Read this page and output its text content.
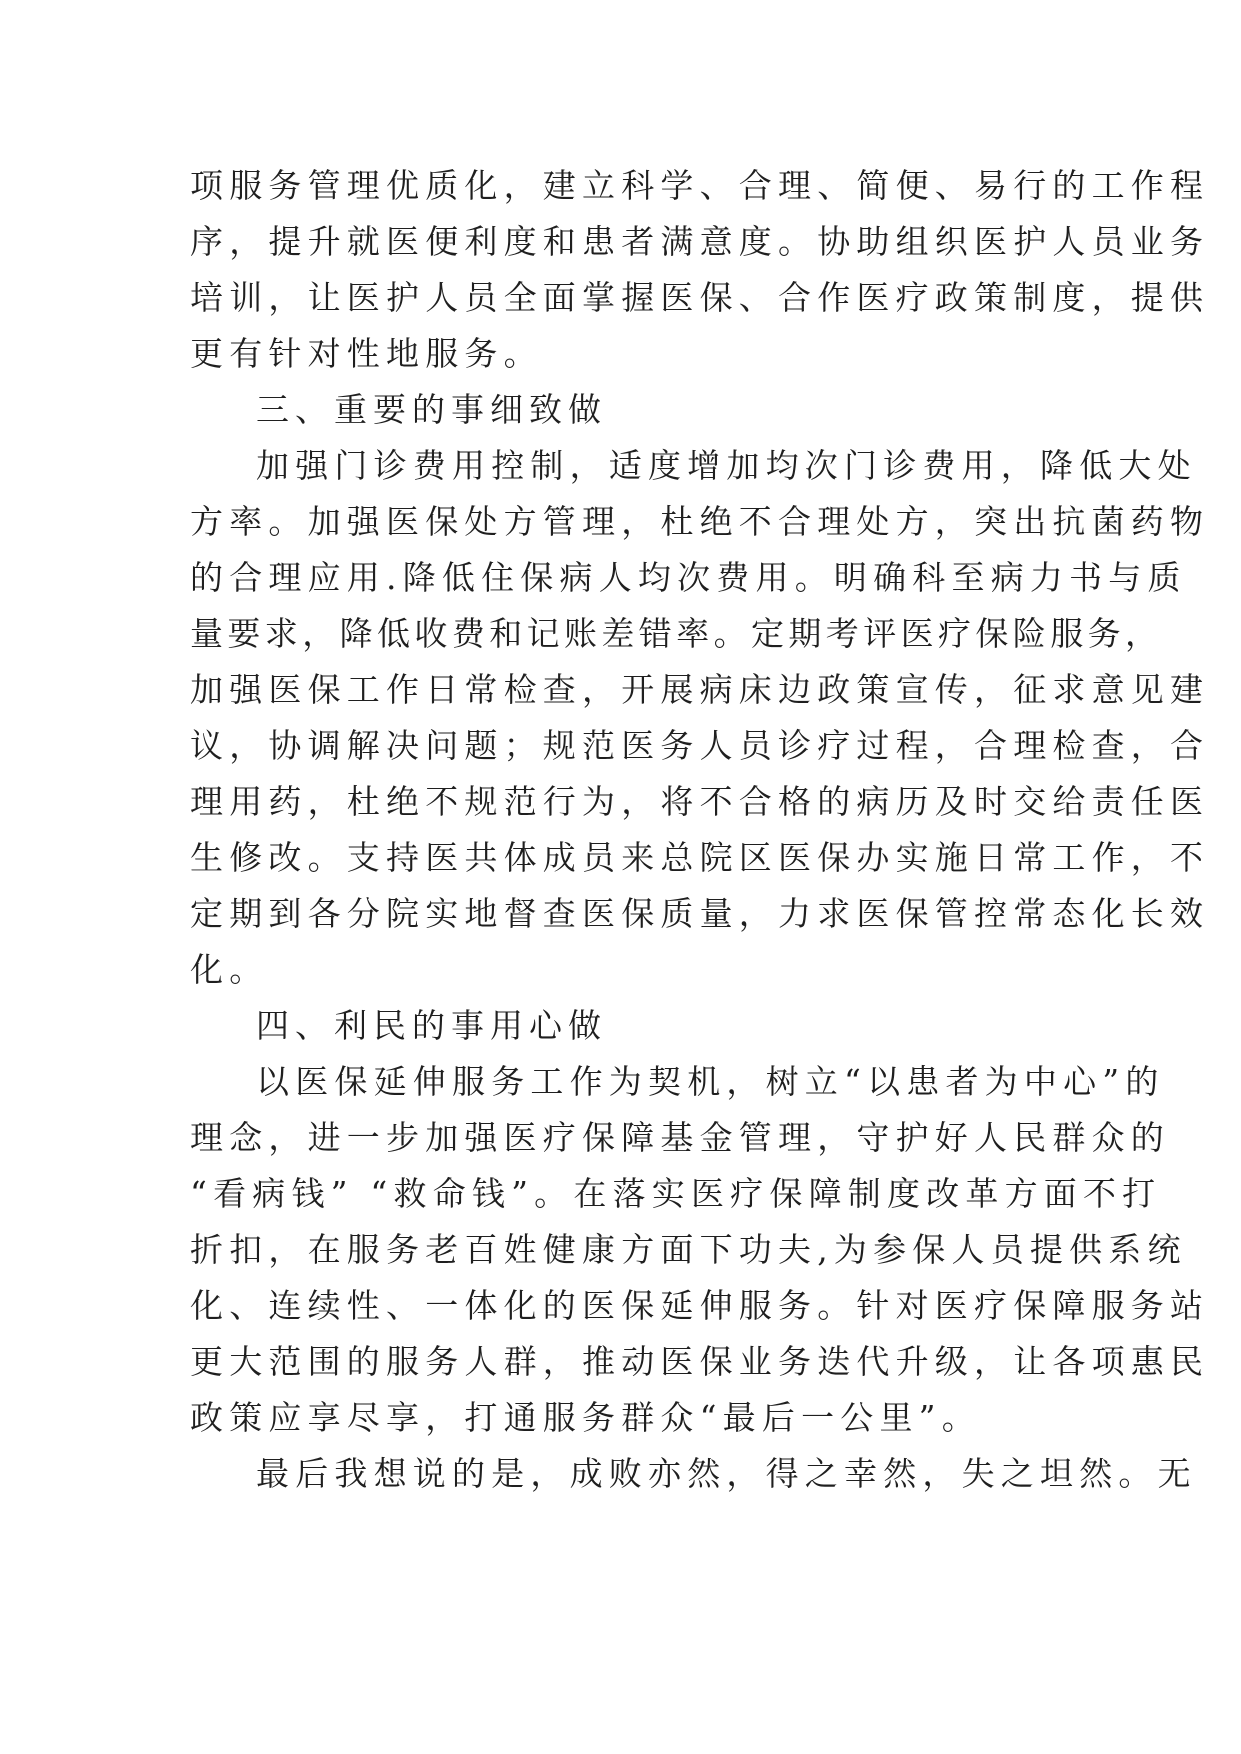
项服务管理优质化，建立科学、合理、简便、易行的工作程
序，提升就医便利度和患者满意度。协助组织医护人员业务
培训，让医护人员全面掌握医保、合作医疗政策制度，提供
更有针对性地服务。
三、重要的事细致做
加强门诊费用控制，适度增加均次门诊费用，降低大处
方率。加强医保处方管理，杜绝不合理处方，突出抗菌药物
的合理应用.降低住保病人均次费用。明确科至病力书与质
量要求，降低收费和记账差错率。定期考评医疗保险服务，
加强医保工作日常检查，开展病床边政策宣传，征求意见建
议，协调解决问题；规范医务人员诊疗过程，合理检查，合
理用药，杜绝不规范行为，将不合格的病历及时交给责任医
生修改。支持医共体成员来总院区医保办实施日常工作，不
定期到各分院实地督查医保质量，力求医保管控常态化长效
化。
四、利民的事用心做
以医保延伸服务工作为契机，树立“以患者为中心”的
理念，进一步加强医疗保障基金管理，守护好人民群众的
“看病钱” “救命钱”。在落实医疗保障制度改革方面不打
折扣，在服务老百姓健康方面下功夫,为参保人员提供系统
化、连续性、一体化的医保延伸服务。针对医疗保障服务站
更大范围的服务人群，推动医保业务迭代升级，让各项惠民
政策应享尽享，打通服务群众“最后一公里”。
最后我想说的是，成败亦然，得之幸然，失之坦然。无
